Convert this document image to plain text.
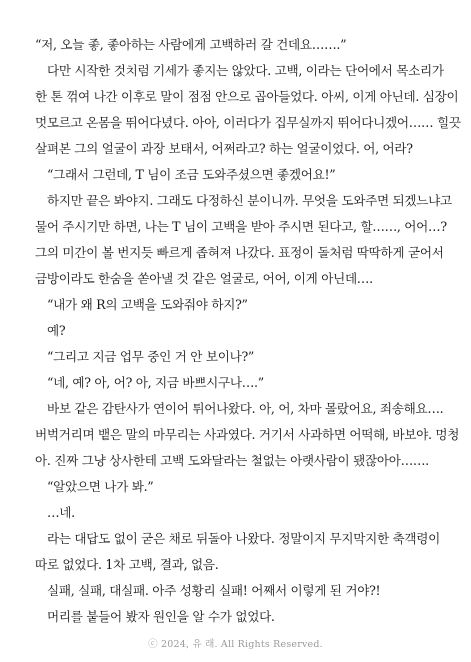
“저, 오늘 좋, 좋아하는 사람에게 고백하러 갈 건데요…….”
다만 시작한 것치럼 기세가 좋지는 않았다. 고백, 이라는 단어에서 목소리가
한 톤 꺾여 나간 이후로 말이 점점 안으로 곱아들었다. 아씨, 이게 아닌데. 심장이
멋모르고 온몸을 뛰어다녔다. 아아, 이러다가 집무실까지 뛰어다니겠어…… 힐끗
살펴본 그의 얼굴이 과장 보태서, 어쩌라고? 하는 얼굴이었다. 어, 어라?
“그래서 그런데, T 님이 조금 도와주셨으면 좋겠어요!”
하지만 끝은 봐야지. 그래도 다정하신 분이니까. 무엇을 도와주면 되겠느냐고
물어 주시기만 하면, 나는 T 님이 고백을 받아 주시면 된다고, 할……, 어어…?
그의 미간이 볼 번지듯 빠르게 좁혀져 나갔다. 표정이 돌처럼 딱딱하게 굳어서
금방이라도 한숨을 쏟아낼 것 같은 얼굴로, 어어, 이게 아닌데….
“내가 왜 R의 고백을 도와줘야 하지?”
예?
“그리고 지금 업무 중인 거 안 보이나?”
“네, 예? 아, 어? 아, 지금 바쁘시구나….”
바보 같은 감탄사가 연이어 튀어나왔다. 아, 어, 차마 몰랐어요, 죄송해요….
버벅거리며 뱉은 말의 마무리는 사과였다. 거기서 사과하면 어떡해, 바보야. 멍청
아. 진짜 그냥 상사한테 고백 도와달라는 철없는 아랫사람이 됐잖아아…….
“알았으면 나가 봐.”
…네.
라는 대답도 없이 굳은 채로 뒤돌아 나왔다. 정말이지 무지막지한 축객령이
따로 없었다. 1차 고백, 결과, 없음.
실패, 실패, 대실패. 아주 성황리 실패! 어째서 이렇게 된 거야?!
머리를 붙들어 봤자 원인을 알 수가 없었다.
ⓒ 2024, 유 래. All Rights Reserved.
